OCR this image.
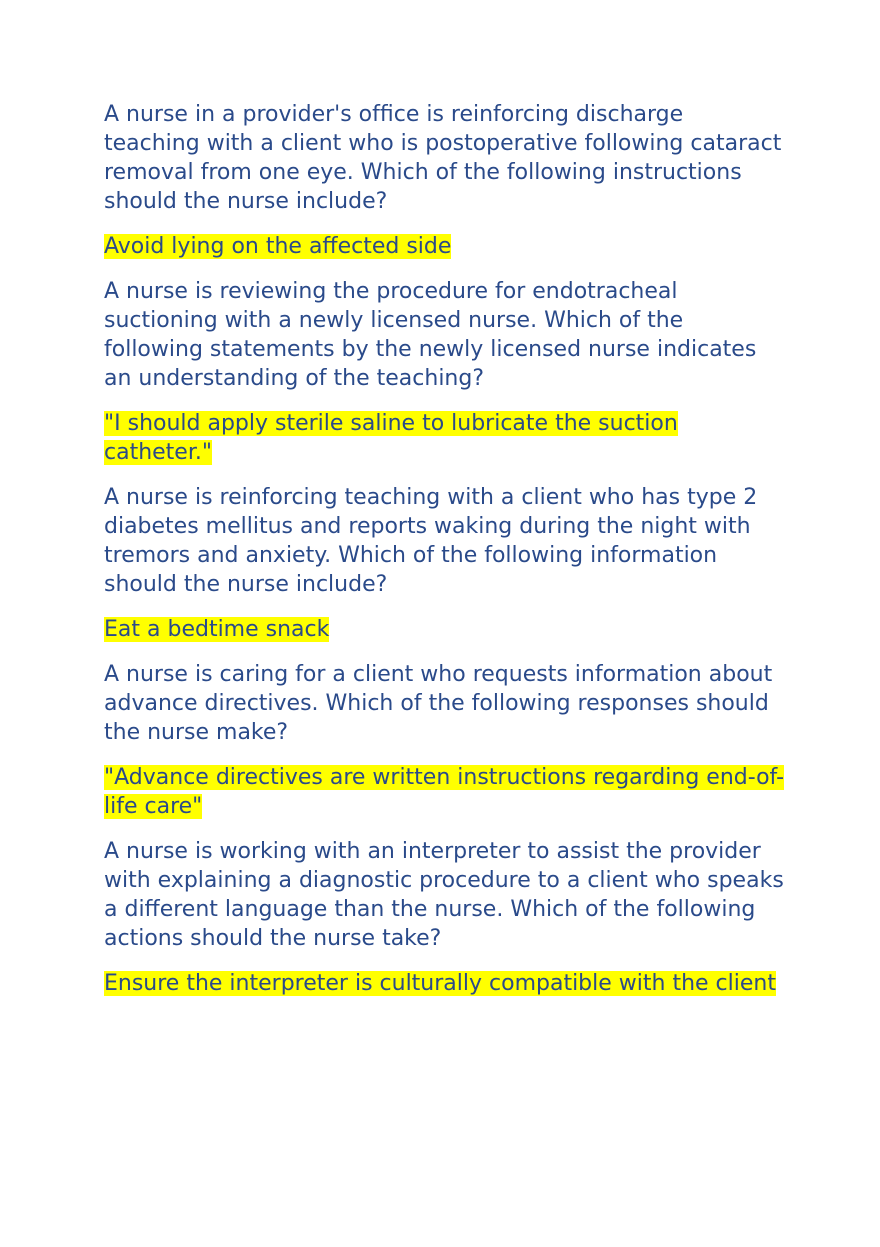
A nurse in a provider's ofﬁce is reinforcing discharge teaching with a client who is postoperative following cataract removal from one eye. Which of the following instructions should the nurse include?

Avoid lying on the affected side

A nurse is reviewing the procedure for endotracheal suctioning with a newly licensed nurse. Which of the following statements by the newly licensed nurse indicates an understanding of the teaching?

"I should apply sterile saline to lubricate the suction catheter."

A nurse is reinforcing teaching with a client who has type 2 diabetes mellitus and reports waking during the night with tremors and anxiety. Which of the following information should the nurse include?

Eat a bedtime snack

A nurse is caring for a client who requests information about advance directives. Which of the following responses should the nurse make?

"Advance directives are written instructions regarding end-of-life care"

A nurse is working with an interpreter to assist the provider with explaining a diagnostic procedure to a client who speaks a different language than the nurse. Which of the following actions should the nurse take?

Ensure the interpreter is culturally compatible with the client
